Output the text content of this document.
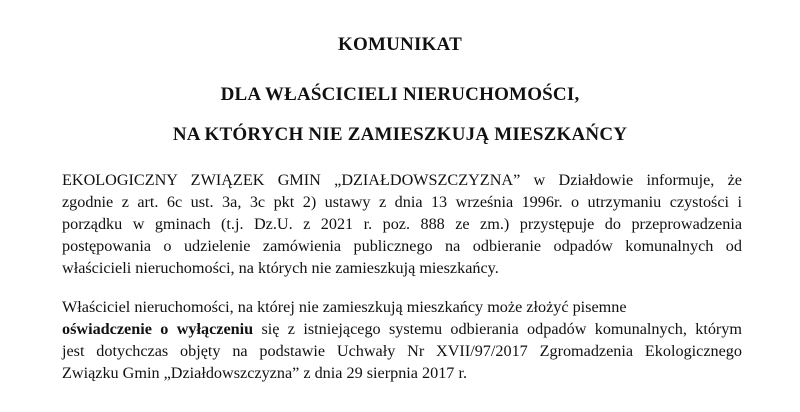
KOMUNIKAT
DLA WŁAŚCICIELI NIERUCHOMOŚCI,
NA KTÓRYCH NIE ZAMIESZKUJĄ MIESZKAŃCY
EKOLOGICZNY ZWIĄZEK GMIN „DZIAŁDOWSZCZYZNA” w Działdowie informuje, że
zgodnie z art. 6c ust. 3a, 3c pkt 2) ustawy z dnia 13 września 1996r. o utrzymaniu czystości i
porządku w gminach (t.j. Dz.U. z 2021 r. poz. 888 ze zm.) przystępuje do przeprowadzenia
postępowania o udzielenie zamówienia publicznego na odbieranie odpadów komunalnych od
właścicieli nieruchomości, na których nie zamieszkują mieszkańcy.
Właściciel nieruchomości, na której nie zamieszkują mieszkańcy może złożyć pisemne
oświadczenie o wyłączeniu się z istniejącego systemu odbierania odpadów komunalnych, którym
jest dotychczas objęty na podstawie Uchwały Nr XVII/97/2017 Zgromadzenia Ekologicznego
Związku Gmin „Działdowszczyzna” z dnia 29 sierpnia 2017 r.
